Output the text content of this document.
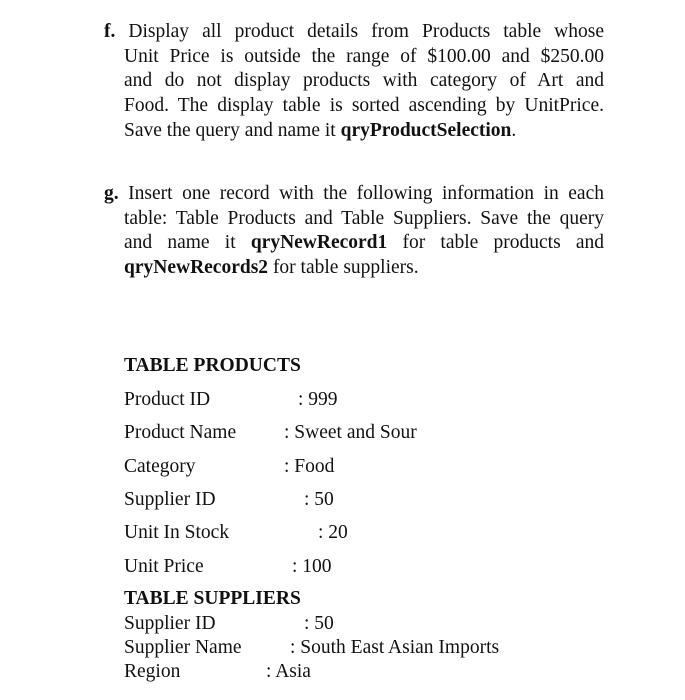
f. Display all product details from Products table whose
Unit Price is outside the range of $100.00 and $250.00
and do not display products with category of Art and
Food. The display table is sorted ascending by UnitPrice.
Save the query and name it qryProductSelection.
g. Insert one record with the following information in each
table: Table Products and Table Suppliers. Save the query
and name it qryNewRecord1 for table products and
qryNewRecords2 for table suppliers.
TABLE PRODUCTS
Product ID	: 999
Product Name : Sweet and Sour
Category	: Food
Supplier ID	: 50
Unit In Stock	: 20
Unit Price	: 100
TABLE SUPPLIERS
Supplier ID	: 50
Supplier Name : South East Asian Imports
Region	: Asia
